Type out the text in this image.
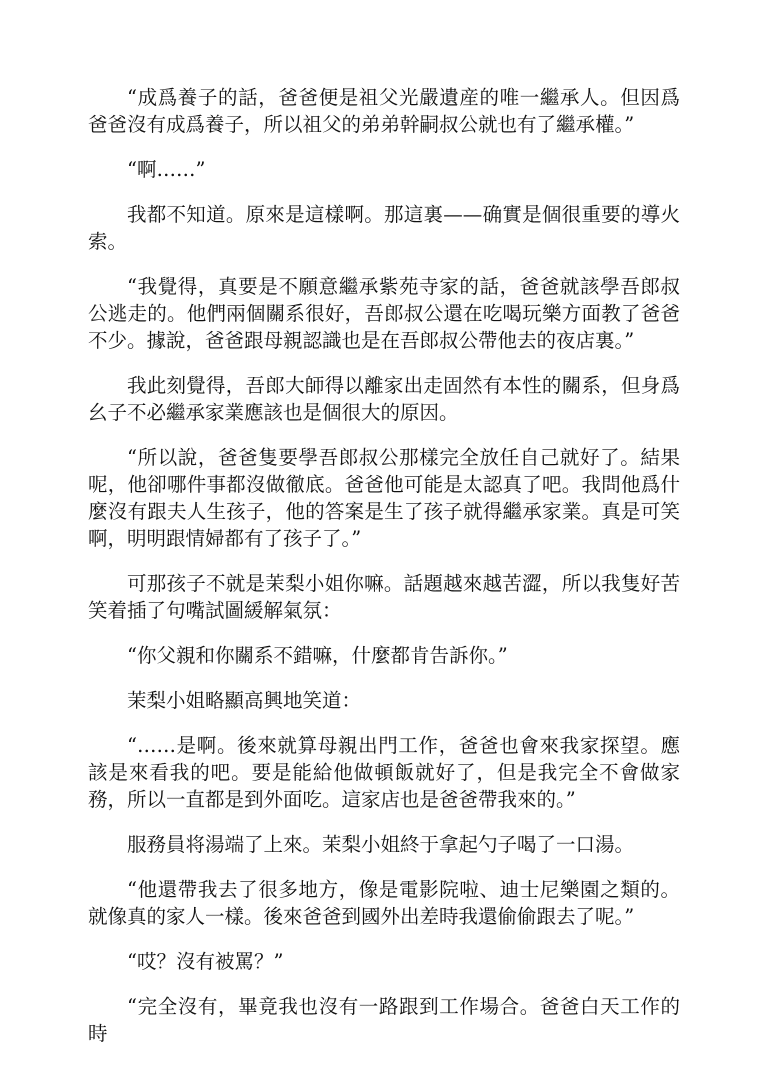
“成爲養子的話，爸爸便是祖父光嚴遺産的唯一繼承人。但因爲爸爸沒有成爲養子，所以祖父的弟弟幹嗣叔公就也有了繼承權。”

“啊……”

我都不知道。原來是這樣啊。那這裏——确實是個很重要的導火索。

“我覺得，真要是不願意繼承紫苑寺家的話，爸爸就該學吾郎叔公逃走的。他們兩個關系很好，吾郎叔公還在吃喝玩樂方面教了爸爸不少。據說，爸爸跟母親認識也是在吾郎叔公帶他去的夜店裏。”

我此刻覺得，吾郎大師得以離家出走固然有本性的關系，但身爲幺子不必繼承家業應該也是個很大的原因。

“所以說，爸爸隻要學吾郎叔公那樣完全放任自己就好了。結果呢，他卻哪件事都沒做徹底。爸爸他可能是太認真了吧。我問他爲什麼沒有跟夫人生孩子，他的答案是生了孩子就得繼承家業。真是可笑啊，明明跟情婦都有了孩子了。”

可那孩子不就是茉梨小姐你嘛。話題越來越苦澀，所以我隻好苦笑着插了句嘴試圖緩解氣氛：

“你父親和你關系不錯嘛，什麼都肯告訴你。”

茉梨小姐略顯高興地笑道：

“……是啊。後來就算母親出門工作，爸爸也會來我家探望。應該是來看我的吧。要是能給他做頓飯就好了，但是我完全不會做家務，所以一直都是到外面吃。這家店也是爸爸帶我來的。”

服務員将湯端了上來。茉梨小姐終于拿起勺子喝了一口湯。

“他還帶我去了很多地方，像是電影院啦、迪士尼樂園之類的。就像真的家人一樣。後來爸爸到國外出差時我還偷偷跟去了呢。”

“哎？沒有被罵？”

“完全沒有，畢竟我也沒有一路跟到工作場合。爸爸白天工作的時
